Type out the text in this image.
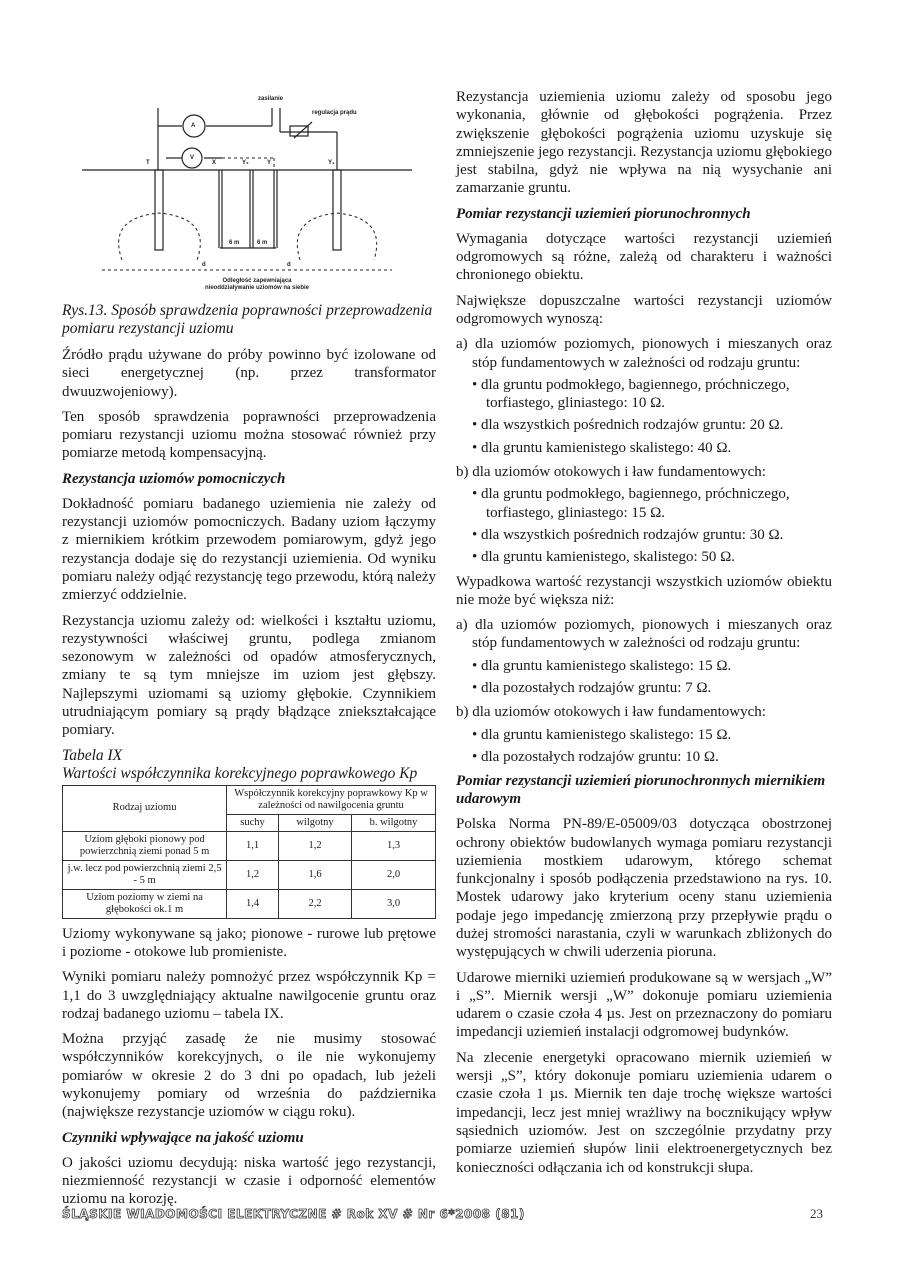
zasilanie
regulacja prądu
A
V
T	X	Y₂	Y	Y₁
6 m	6 m
d	d
Odległość zapewniająca nieoddziaływanie uziomów na siebie
Rys.13. Sposób sprawdzenia poprawności przeprowadzenia pomiaru rezystancji uziomu

Źródło prądu używane do próby powinno być izolowane od sieci energetycznej (np. przez transformator dwuuzwojeniowy).

Ten sposób sprawdzenia poprawności przeprowadzenia pomiaru rezystancji uziomu można stosować również przy pomiarze metodą kompensacyjną.

Rezystancja uziomów pomocniczych

Dokładność pomiaru badanego uziemienia nie zależy od rezystancji uziomów pomocniczych. Badany uziom łączymy z miernikiem krótkim przewodem pomiarowym, gdyż jego rezystancja dodaje się do rezystancji uziemienia. Od wyniku pomiaru należy odjąć rezystancję tego przewodu, którą należy zmierzyć oddzielnie.

Rezystancja uziomu zależy od: wielkości i kształtu uziomu, rezystywności właściwej gruntu, podlega zmianom sezonowym w zależności od opadów atmosferycznych, zmiany te są tym mniejsze im uziom jest głębszy. Najlepszymi uziomami są uziomy głębokie. Czynnikiem utrudniającym pomiary są prądy błądzące zniekształcające pomiary.

Tabela IX
Wartości współczynnika korekcyjnego poprawkowego Kp
Rodzaj uziomu	Współczynnik korekcyjny poprawkowy Kp w zależności od nawilgocenia gruntu		
	suchy	wilgotny	b. wilgotny
Uziom głęboki pionowy pod powierzchnią ziemi ponad 5 m	1,1	1,2	1,3
j.w. lecz pod powierzchnią ziemi 2,5 - 5 m	1,2	1,6	2,0
Uziom poziomy w ziemi na głębokości ok.1 m	1,4	2,2	3,0

Uziomy wykonywane są jako; pionowe - rurowe lub prętowe i poziome - otokowe lub promieniste.

Wyniki pomiaru należy pomnożyć przez współczynnik Kp = 1,1 do 3 uwzględniający aktualne nawilgocenie gruntu oraz rodzaj badanego uziomu – tabela IX.

Można przyjąć zasadę że nie musimy stosować współczynników korekcyjnych, o ile nie wykonujemy pomiarów w okresie 2 do 3 dni po opadach, lub jeżeli wykonujemy pomiary od września do października (największe rezystancje uziomów w ciągu roku).

Czynniki wpływające na jakość uziomu

O jakości uziomu decydują: niska wartość jego rezystancji, niezmienność rezystancji w czasie i odporność elementów uziomu na korozję.

Rezystancja uziemienia uziomu zależy od sposobu jego wykonania, głównie od głębokości pogrążenia. Przez zwiększenie głębokości pogrążenia uziomu uzyskuje się zmniejszenie jego rezystancji. Rezystancja uziomu głębokiego jest stabilna, gdyż nie wpływa na nią wysychanie ani zamarzanie gruntu.

Pomiar rezystancji uziemień piorunochronnych

Wymagania dotyczące wartości rezystancji uziemień odgromowych są różne, zależą od charakteru i ważności chronionego obiektu.

Największe dopuszczalne wartości rezystancji uziomów odgromowych wynoszą:

a) dla uziomów poziomych, pionowych i mieszanych oraz stóp fundamentowych w zależności od rodzaju gruntu:
• dla gruntu podmokłego, bagiennego, próchniczego, torfiastego, gliniastego: 10 Ω.
• dla wszystkich pośrednich rodzajów gruntu: 20 Ω.
• dla gruntu kamienistego skalistego: 40 Ω.
b) dla uziomów otokowych i ław fundamentowych:
• dla gruntu podmokłego, bagiennego, próchniczego, torfiastego, gliniastego: 15 Ω.
• dla wszystkich pośrednich rodzajów gruntu: 30 Ω.
• dla gruntu kamienistego, skalistego: 50 Ω.

Wypadkowa wartość rezystancji wszystkich uziomów obiektu nie może być większa niż:

a) dla uziomów poziomych, pionowych i mieszanych oraz stóp fundamentowych w zależności od rodzaju gruntu:
• dla gruntu kamienistego skalistego: 15 Ω.
• dla pozostałych rodzajów gruntu: 7 Ω.
b) dla uziomów otokowych i ław fundamentowych:
• dla gruntu kamienistego skalistego: 15 Ω.
• dla pozostałych rodzajów gruntu: 10 Ω.
Pomiar rezystancji uziemień piorunochronnych miernikiem udarowym

Polska Norma PN-89/E-05009/03 dotycząca obostrzonej ochrony obiektów budowlanych wymaga pomiaru rezystancji uziemienia mostkiem udarowym, którego schemat funkcjonalny i sposób podłączenia przedstawiono na rys. 10. Mostek udarowy jako kryterium oceny stanu uziemienia podaje jego impedancję zmierzoną przy przepływie prądu o dużej stromości narastania, czyli w warunkach zbliżonych do występujących w chwili uderzenia pioruna.

Udarowe mierniki uziemień produkowane są w wersjach „W” i „S”. Miernik wersji „W” dokonuje pomiaru uziemienia udarem o czasie czoła 4 µs. Jest on przeznaczony do pomiaru impedancji uziemień instalacji odgromowej budynków.

Na zlecenie energetyki opracowano miernik uziemień w wersji „S”, który dokonuje pomiaru uziemienia udarem o czasie czoła 1 µs. Miernik ten daje trochę większe wartości impedancji, lecz jest mniej wrażliwy na bocznikujący wpływ sąsiednich uziomów. Jest on szczególnie przydatny przy pomiarze uziemień słupów linii elektroenergetycznych bez konieczności odłączania ich od konstrukcji słupa.

ŚLĄSKIE WIADOMOŚCI ELEKTRYCZNE # Rok XV # Nr 6*2008 (81)	23
